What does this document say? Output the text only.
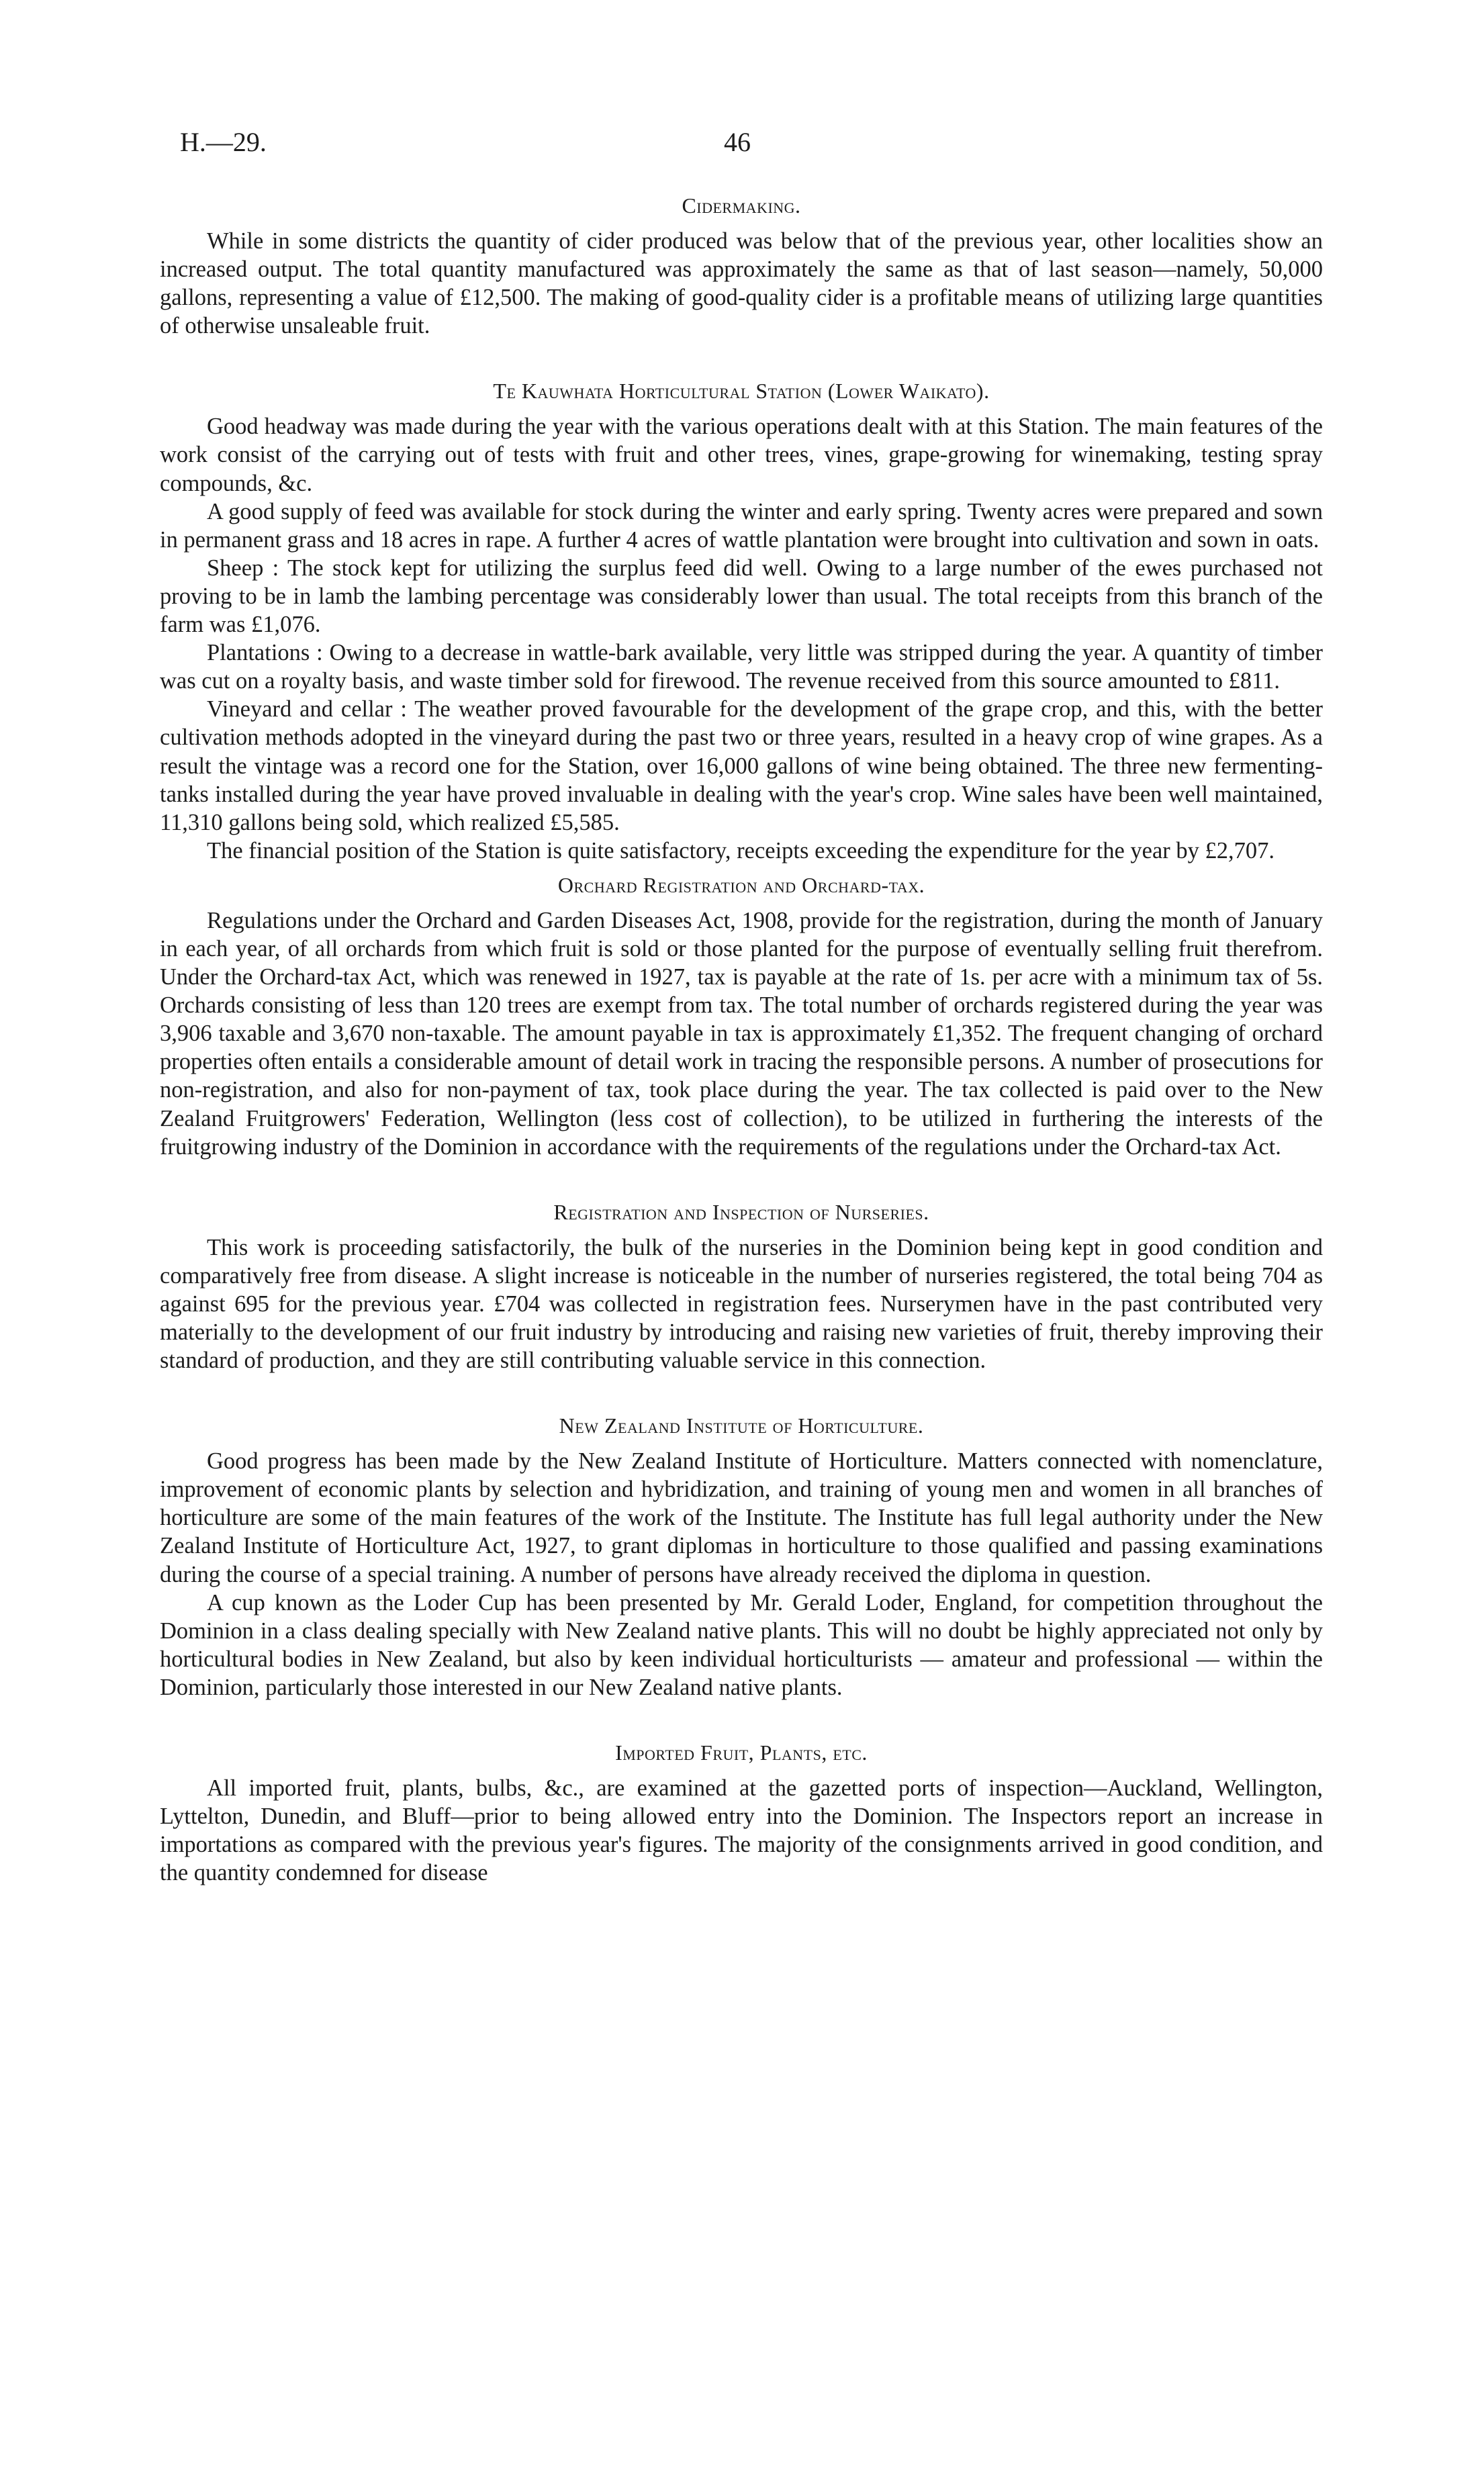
H.—29.	46
Cidermaking.

While in some districts the quantity of cider produced was below that of the previous year, other localities show an increased output. The total quantity manufactured was approximately the same as that of last season—namely, 50,000 gallons, representing a value of £12,500. The making of good-quality cider is a profitable means of utilizing large quantities of otherwise unsaleable fruit.

Te Kauwhata Horticultural Station (Lower Waikato).

Good headway was made during the year with the various operations dealt with at this Station. The main features of the work consist of the carrying out of tests with fruit and other trees, vines, grape-growing for winemaking, testing spray compounds, &c.

A good supply of feed was available for stock during the winter and early spring. Twenty acres were prepared and sown in permanent grass and 18 acres in rape. A further 4 acres of wattle plantation were brought into cultivation and sown in oats.

Sheep : The stock kept for utilizing the surplus feed did well. Owing to a large number of the ewes purchased not proving to be in lamb the lambing percentage was considerably lower than usual. The total receipts from this branch of the farm was £1,076.

Plantations : Owing to a decrease in wattle-bark available, very little was stripped during the year. A quantity of timber was cut on a royalty basis, and waste timber sold for firewood. The revenue received from this source amounted to £811.

Vineyard and cellar : The weather proved favourable for the development of the grape crop, and this, with the better cultivation methods adopted in the vineyard during the past two or three years, resulted in a heavy crop of wine grapes. As a result the vintage was a record one for the Station, over 16,000 gallons of wine being obtained. The three new fermenting-tanks installed during the year have proved invaluable in dealing with the year's crop. Wine sales have been well maintained, 11,310 gallons being sold, which realized £5,585.

The financial position of the Station is quite satisfactory, receipts exceeding the expenditure for the year by £2,707.

Orchard Registration and Orchard-tax.

Regulations under the Orchard and Garden Diseases Act, 1908, provide for the registration, during the month of January in each year, of all orchards from which fruit is sold or those planted for the purpose of eventually selling fruit therefrom. Under the Orchard-tax Act, which was renewed in 1927, tax is payable at the rate of 1s. per acre with a minimum tax of 5s. Orchards consisting of less than 120 trees are exempt from tax. The total number of orchards registered during the year was 3,906 taxable and 3,670 non-taxable. The amount payable in tax is approximately £1,352. The frequent changing of orchard properties often entails a considerable amount of detail work in tracing the responsible persons. A number of prosecutions for non-registration, and also for non-payment of tax, took place during the year. The tax collected is paid over to the New Zealand Fruitgrowers' Federation, Wellington (less cost of collection), to be utilized in furthering the interests of the fruitgrowing industry of the Dominion in accordance with the requirements of the regulations under the Orchard-tax Act.

Registration and Inspection of Nurseries.

This work is proceeding satisfactorily, the bulk of the nurseries in the Dominion being kept in good condition and comparatively free from disease. A slight increase is noticeable in the number of nurseries registered, the total being 704 as against 695 for the previous year. £704 was collected in registration fees. Nurserymen have in the past contributed very materially to the development of our fruit industry by introducing and raising new varieties of fruit, thereby improving their standard of production, and they are still contributing valuable service in this connection.

New Zealand Institute of Horticulture.

Good progress has been made by the New Zealand Institute of Horticulture. Matters connected with nomenclature, improvement of economic plants by selection and hybridization, and training of young men and women in all branches of horticulture are some of the main features of the work of the Institute. The Institute has full legal authority under the New Zealand Institute of Horticulture Act, 1927, to grant diplomas in horticulture to those qualified and passing examinations during the course of a special training. A number of persons have already received the diploma in question.

A cup known as the Loder Cup has been presented by Mr. Gerald Loder, England, for competition throughout the Dominion in a class dealing specially with New Zealand native plants. This will no doubt be highly appreciated not only by horticultural bodies in New Zealand, but also by keen individual horticulturists — amateur and professional — within the Dominion, particularly those interested in our New Zealand native plants.

Imported Fruit, Plants, etc.

All imported fruit, plants, bulbs, &c., are examined at the gazetted ports of inspection—Auckland, Wellington, Lyttelton, Dunedin, and Bluff—prior to being allowed entry into the Dominion. The Inspectors report an increase in importations as compared with the previous year's figures. The majority of the consignments arrived in good condition, and the quantity condemned for disease
